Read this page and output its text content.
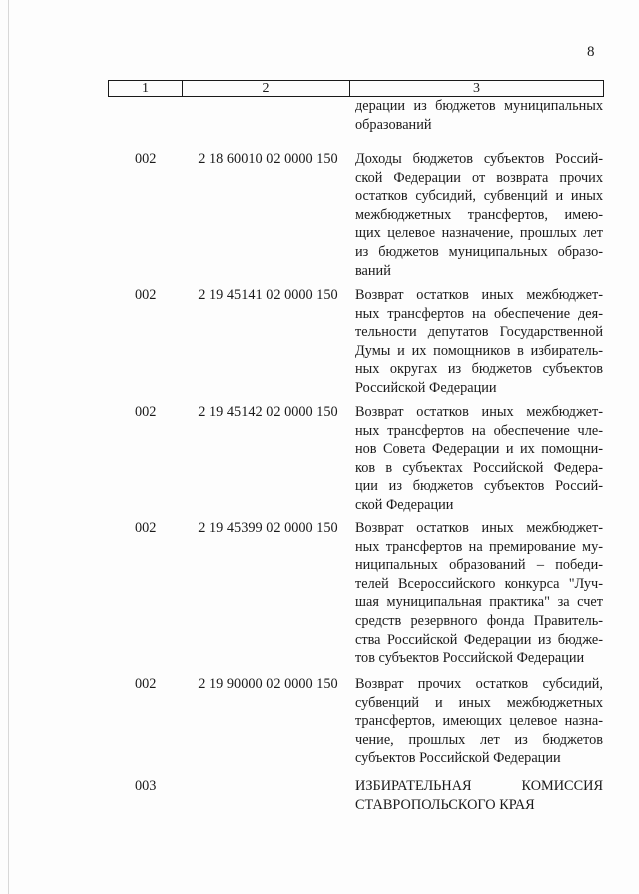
8
1	2	3
дерации из бюджетов муниципальных
образований
002	2 18 60010 02 0000 150	Доходы бюджетов субъектов Россий-
ской Федерации от возврата прочих
остатков субсидий, субвенций и иных
межбюджетных трансфертов, имею-
щих целевое назначение, прошлых лет
из бюджетов муниципальных образо-
ваний
002	2 19 45141 02 0000 150	Возврат остатков иных межбюджет-
ных трансфертов на обеспечение дея-
тельности депутатов Государственной
Думы и их помощников в избиратель-
ных округах из бюджетов субъектов
Российской Федерации
002	2 19 45142 02 0000 150	Возврат остатков иных межбюджет-
ных трансфертов на обеспечение чле-
нов Совета Федерации и их помощни-
ков в субъектах Российской Федера-
ции из бюджетов субъектов Россий-
ской Федерации
002	2 19 45399 02 0000 150	Возврат остатков иных межбюджет-
ных трансфертов на премирование му-
ниципальных образований – победи-
телей Всероссийского конкурса "Луч-
шая муниципальная практика" за счет
средств резервного фонда Правитель-
ства Российской Федерации из бюдже-
тов субъектов Российской Федерации
002	2 19 90000 02 0000 150	Возврат прочих остатков субсидий,
субвенций и иных межбюджетных
трансфертов, имеющих целевое назна-
чение, прошлых лет из бюджетов
субъектов Российской Федерации
003	ИЗБИРАТЕЛЬНАЯ КОМИССИЯ
СТАВРОПОЛЬСКОГО КРАЯ
